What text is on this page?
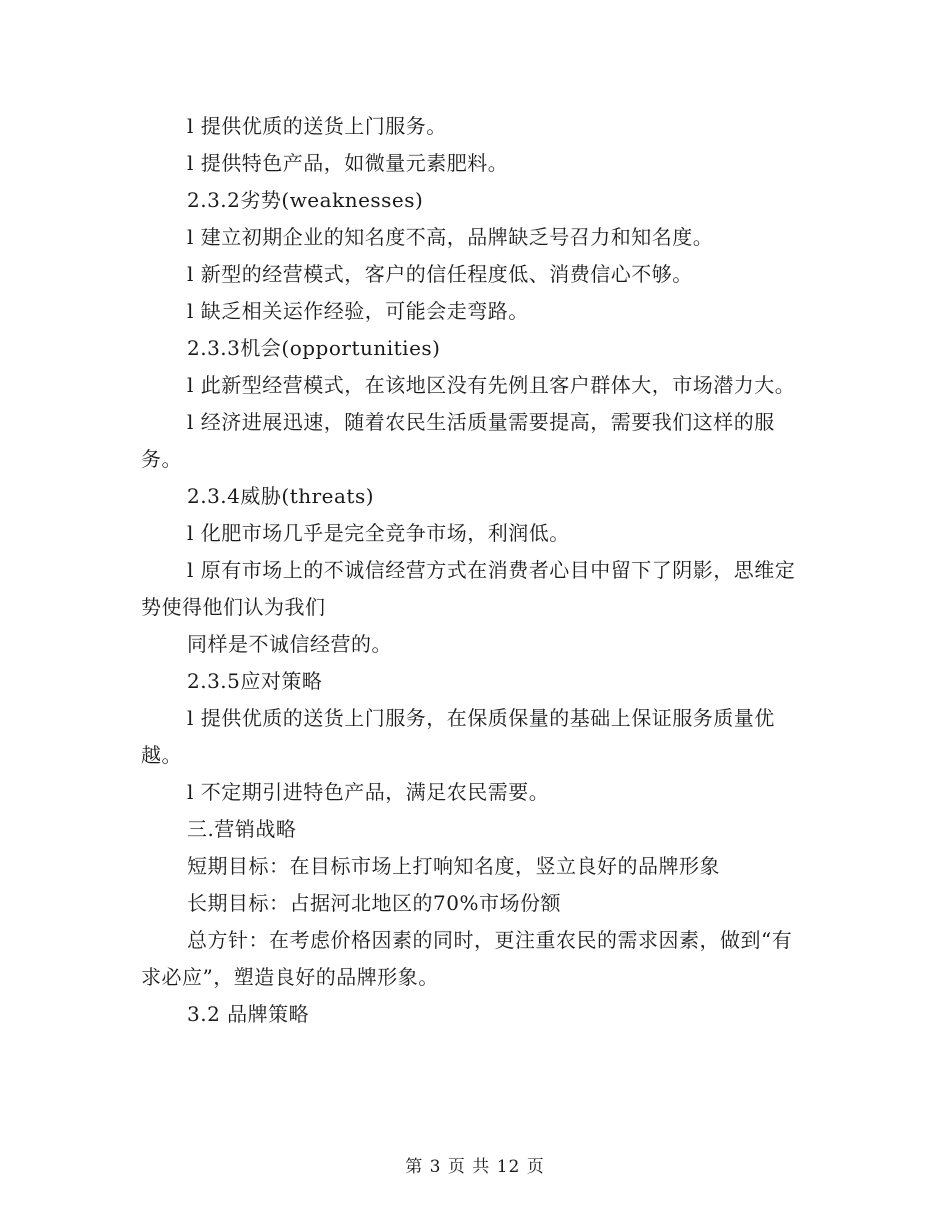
l 提供优质的送货上门服务。

l 提供特色产品，如微量元素肥料。

2.3.2劣势(weaknesses)

l 建立初期企业的知名度不高，品牌缺乏号召力和知名度。

l 新型的经营模式，客户的信任程度低、消费信心不够。

l 缺乏相关运作经验，可能会走弯路。

2.3.3机会(opportunities)

l 此新型经营模式，在该地区没有先例且客户群体大，市场潜力大。

l 经济进展迅速，随着农民生活质量需要提高，需要我们这样的服务。

2.3.4威胁(threats)

l 化肥市场几乎是完全竞争市场，利润低。

l 原有市场上的不诚信经营方式在消费者心目中留下了阴影，思维定势使得他们认为我们

同样是不诚信经营的。

2.3.5应对策略

l 提供优质的送货上门服务，在保质保量的基础上保证服务质量优越。

l 不定期引进特色产品，满足农民需要。

三.营销战略

短期目标：在目标市场上打响知名度，竖立良好的品牌形象

长期目标：占据河北地区的70%市场份额

总方针：在考虑价格因素的同时，更注重农民的需求因素，做到“有求必应”，塑造良好的品牌形象。

3.2 品牌策略

第 3 页 共 12 页
